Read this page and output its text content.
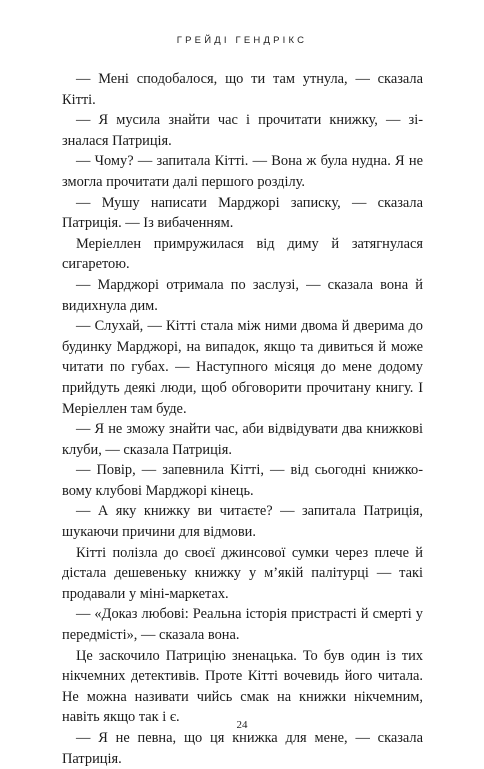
ГРЕЙДІ ГЕНДРІКС

— Мені сподобалося, що ти там утнула, — сказала Кітті.

— Я мусила знайти час і прочитати книжку, — зізналася Патриція.

— Чому? — запитала Кітті. — Вона ж була нудна. Я не змогла прочитати далі першого розділу.

— Мушу написати Марджорі записку, — сказала Патриція. — Із вибаченням.

Меріеллен примружилася від диму й затягнулася сигаретою.

— Марджорі отримала по заслузі, — сказала вона й видихнула дим.

— Слухай, — Кітті стала між ними двома й дверима до будинку Марджорі, на випадок, якщо та дивиться й може читати по губах. — Наступного місяця до мене додому прийдуть деякі люди, щоб обговорити прочитану книгу. І Меріеллен там буде.

— Я не зможу знайти час, аби відвідувати два книжкові клуби, — сказала Патриція.

— Повір, — запевнила Кітті, — від сьогодні книжковому клубові Марджорі кінець.

— А яку книжку ви читаєте? — запитала Патриція, шукаючи причини для відмови.

Кітті полізла до своєї джинсової сумки через плече й дістала дешевеньку книжку у м’якій палітурці — такі продавали у міні-маркетах.

— «Доказ любові: Реальна історія пристрасті й смерті у передмісті», — сказала вона.

Це заскочило Патрицію зненацька. То був один із тих нікчемних детективів. Проте Кітті вочевидь його читала. Не можна називати чийсь смак на книжки нікчемним, навіть якщо так і є.

— Я не певна, що ця книжка для мене, — сказала Патриція.

24
